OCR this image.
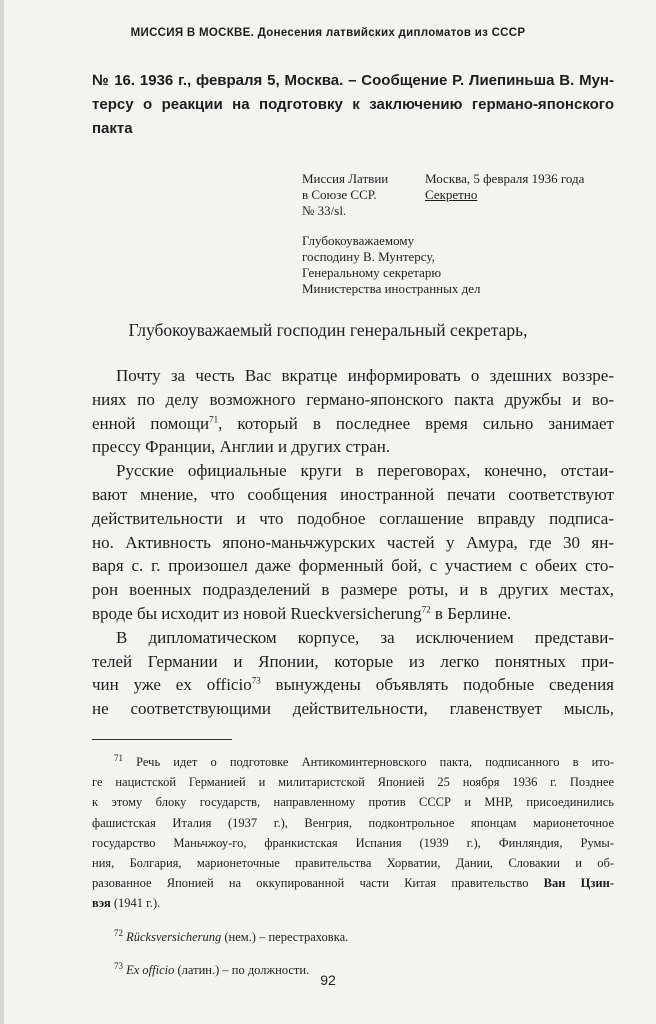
МИССИЯ В МОСКВЕ. Донесения латвийских дипломатов из СССР
№ 16. 1936 г., февраля 5, Москва. – Сообщение Р. Лиепиньша В. Мун-
терсу о реакции на подготовку к заключению германо-японского
пакта
Миссия Латвии
в Союзе ССР.
№ 33/sl.
Москва, 5 февраля 1936 года
Секретно
Глубокоуважаемому
господину В. Мунтерсу,
Генеральному секретарю
Министерства иностранных дел
Глубокоуважаемый господин генеральный секретарь,
Почту за честь Вас вкратце информировать о здешних воззре-
ниях по делу возможного германо-японского пакта дружбы и во-
енной помощи$^{71}$, который в последнее время сильно занимает
прессу Франции, Англии и других стран.
Русские официальные круги в переговорах, конечно, отстаи-
вают мнение, что сообщения иностранной печати соответствуют
действительности и что подобное соглашение вправду подписа-
но. Активность японо-маньчжурских частей у Амура, где 30 ян-
варя с. г. произошел даже форменный бой, с участием с обеих сто-
рон военных подразделений в размере роты, и в других местах,
вроде бы исходит из новой Rueckversicherung$^{72}$ в Берлине.
В дипломатическом корпусе, за исключением представи-
телей Германии и Японии, которые из легко понятных при-
чин уже ex officio$^{73}$ вынуждены объявлять подобные сведения
не соответствующими действительности, главенствует мысль,
$^{71}$ Речь идет о подготовке Антикоминтерновского пакта, подписанного в ито-
ге нацистской Германией и милитаристской Японией 25 ноября 1936 г. Позднее
к этому блоку государств, направленному против СССР и МНР, присоединились
фашистская Италия (1937 г.), Венгрия, подконтрольное японцам марионеточное
государство Маньчжоу-го, франкистская Испания (1939 г.), Финляндия, Румы-
ния, Болгария, марионеточные правительства Хорватии, Дании, Словакии и об-
разованное Японией на оккупированной части Китая правительство Ван Цзин-
вэя (1941 г.).
$^{72}$ Rücksversicherung (нем.) – перестраховка.
$^{73}$ Ex officio (латин.) – по должности.
92
